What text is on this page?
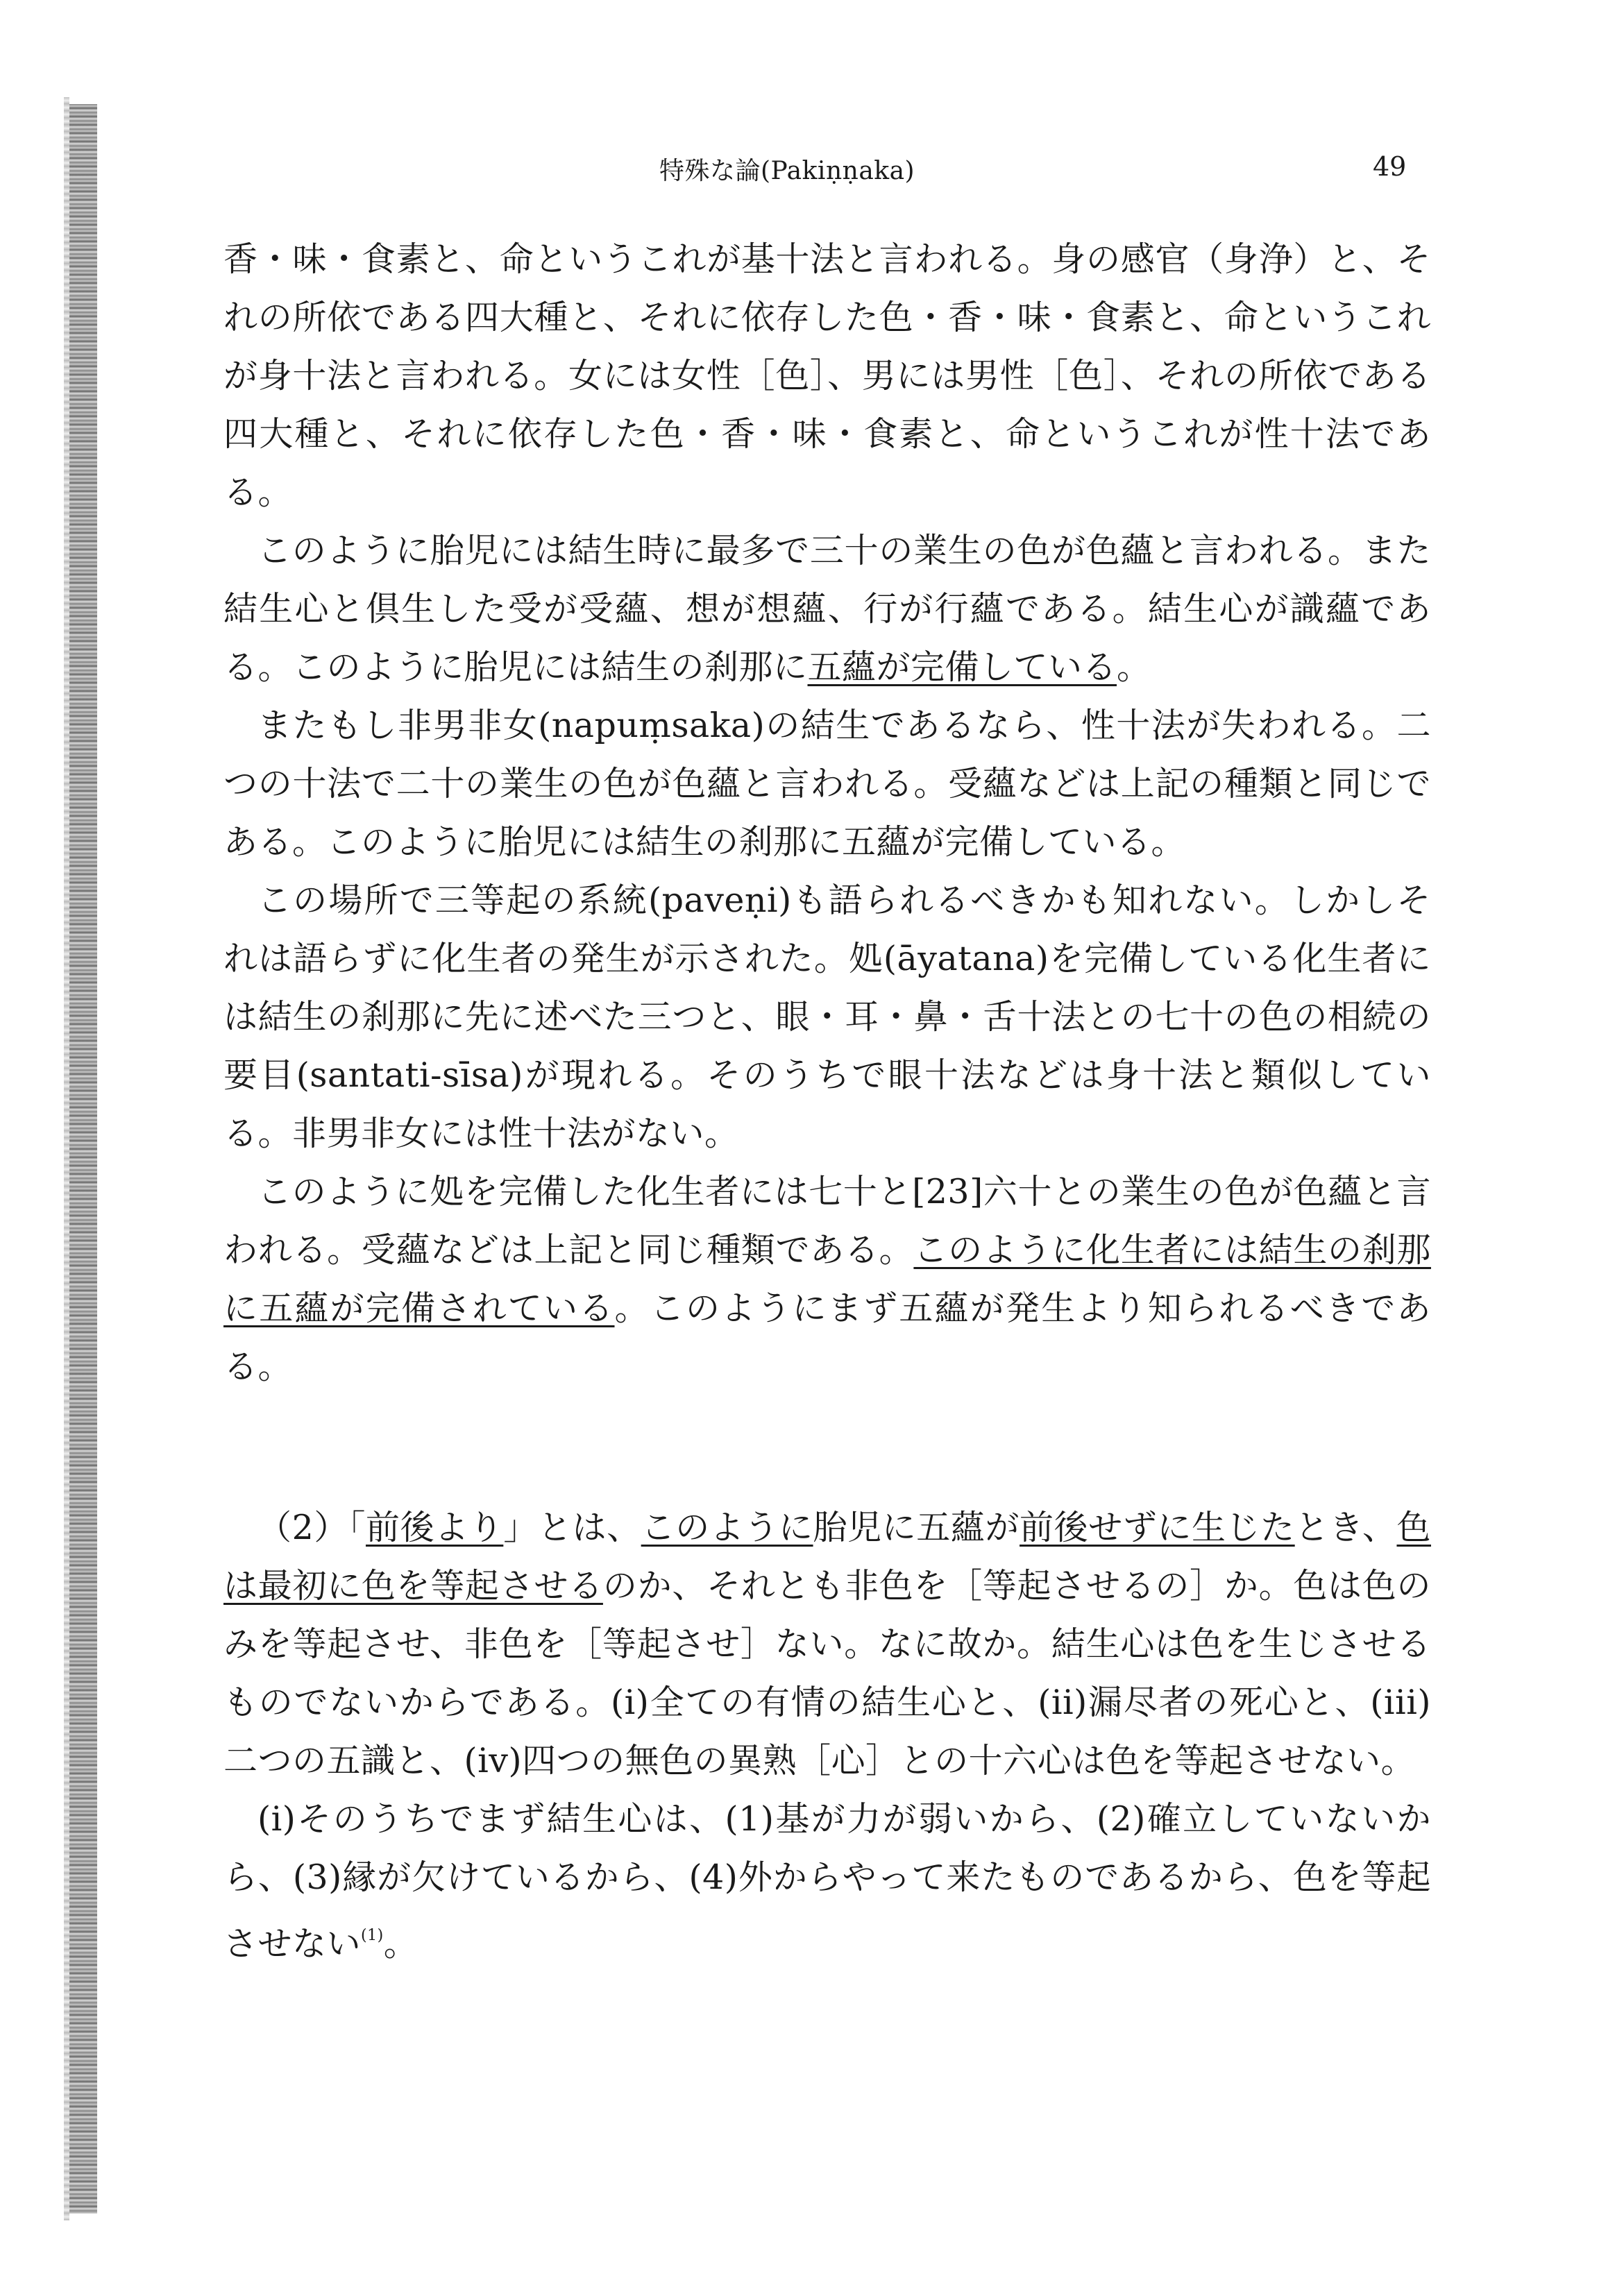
特殊な論(Pakiṇṇaka)	49
香・味・食素と、命というこれが基十法と言われる。身の感官（身浄）と、それの所依である四大種と、それに依存した色・香・味・食素と、命というこれが身十法と言われる。女には女性［色］、男には男性［色］、それの所依である四大種と、それに依存した色・香・味・食素と、命というこれが性十法である。
このように胎児には結生時に最多で三十の業生の色が色蘊と言われる。また結生心と倶生した受が受蘊、想が想蘊、行が行蘊である。結生心が識蘊である。このように胎児には結生の刹那に五蘊が完備している。
またもし非男非女(napuṃsaka)の結生であるなら、性十法が失われる。二つの十法で二十の業生の色が色蘊と言われる。受蘊などは上記の種類と同じである。このように胎児には結生の刹那に五蘊が完備している。
この場所で三等起の系統(paveṇi)も語られるべきかも知れない。しかしそれは語らずに化生者の発生が示された。処(āyatana)を完備している化生者には結生の刹那に先に述べた三つと、眼・耳・鼻・舌十法との七十の色の相続の要目(santati-sīsa)が現れる。そのうちで眼十法などは身十法と類似している。非男非女には性十法がない。
このように処を完備した化生者には七十と[23]六十との業生の色が色蘊と言われる。受蘊などは上記と同じ種類である。このように化生者には結生の刹那に五蘊が完備されている。このようにまず五蘊が発生より知られるべきである。
（2）「前後より」とは、このように胎児に五蘊が前後せずに生じたとき、色は最初に色を等起させるのか、それとも非色を［等起させるの］か。色は色のみを等起させ、非色を［等起させ］ない。なに故か。結生心は色を生じさせるものでないからである。(i)全ての有情の結生心と、(ii)漏尽者の死心と、(iii)二つの五識と、(iv)四つの無色の異熟［心］との十六心は色を等起させない。
(i)そのうちでまず結生心は、(1)基が力が弱いから、(2)確立していないから、(3)縁が欠けているから、(4)外からやって来たものであるから、色を等起させない$^{(1)}$。
